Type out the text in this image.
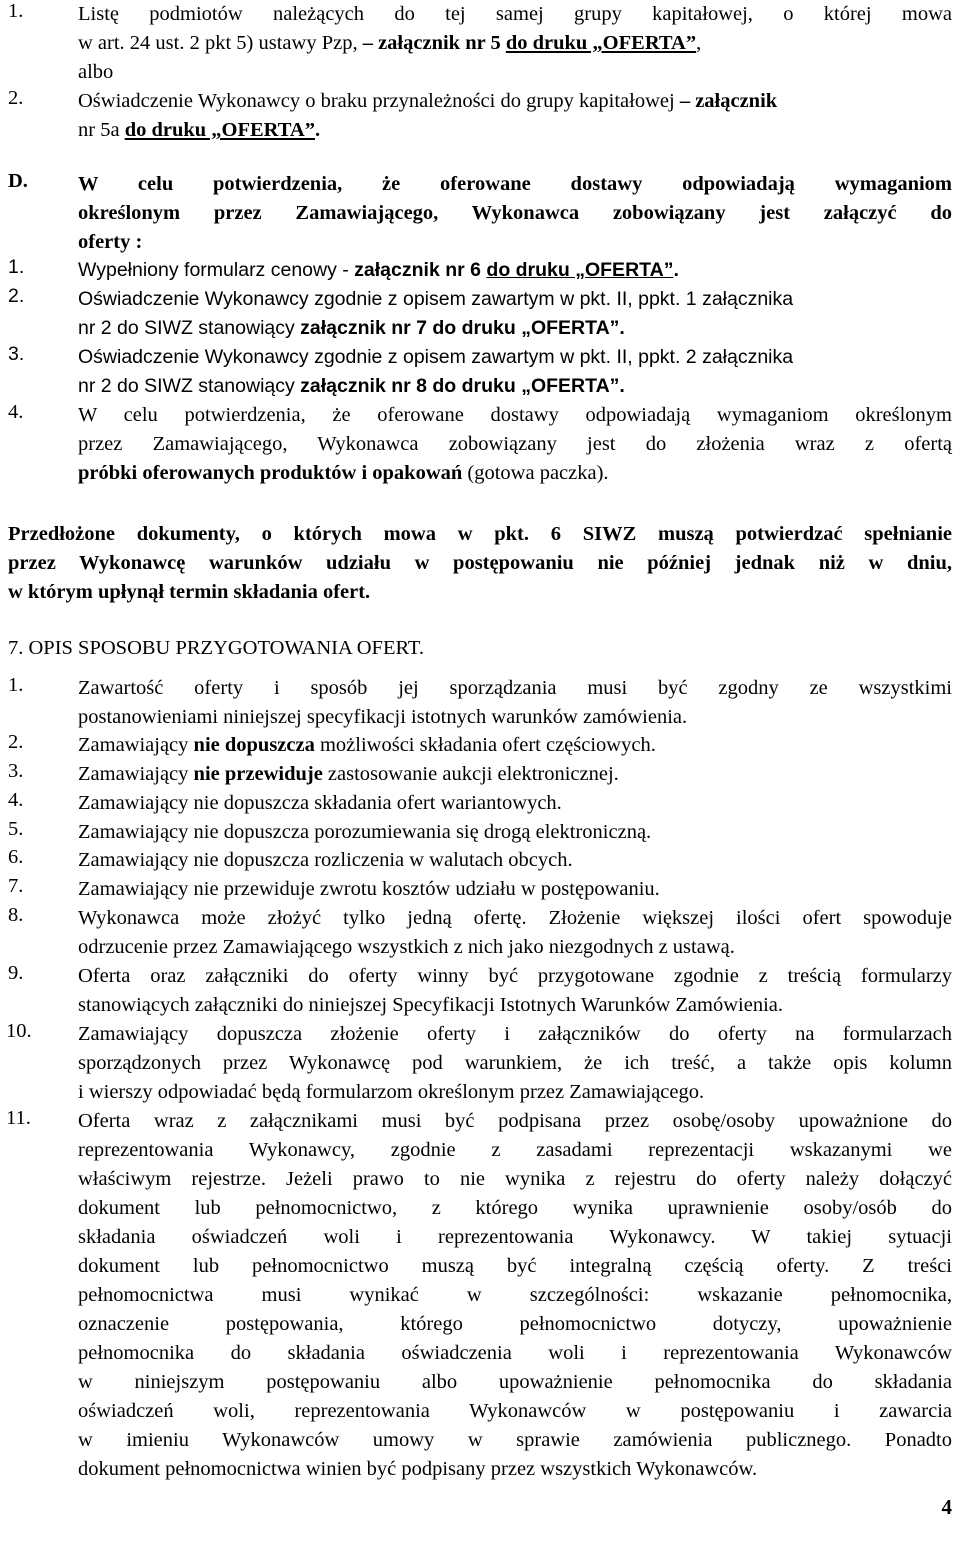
1.	Listę podmiotów należących do tej samej grupy kapitałowej, o której mowa
w art. 24 ust. 2 pkt 5) ustawy Pzp, – załącznik nr 5 do druku „OFERTA”,
albo
2.	Oświadczenie Wykonawcy o braku przynależności do grupy kapitałowej – załącznik
nr 5a do druku „OFERTA”.
D. W celu potwierdzenia, że oferowane dostawy odpowiadają wymaganiom
określonym przez Zamawiającego, Wykonawca zobowiązany jest załączyć do
oferty :
1.	Wypełniony formularz cenowy - załącznik nr 6 do druku „OFERTA”.
2.	Oświadczenie Wykonawcy zgodnie z opisem zawartym w pkt. II, ppkt. 1 załącznika
nr 2 do SIWZ stanowiący załącznik nr 7 do druku „OFERTA”.
3.	Oświadczenie Wykonawcy zgodnie z opisem zawartym w pkt. II, ppkt. 2 załącznika
nr 2 do SIWZ stanowiący załącznik nr 8 do druku „OFERTA”.
4.	W celu potwierdzenia, że oferowane dostawy odpowiadają wymaganiom określonym
przez Zamawiającego, Wykonawca zobowiązany jest do złożenia wraz z ofertą
próbki oferowanych produktów i opakowań (gotowa paczka).
Przedłożone dokumenty, o których mowa w pkt. 6 SIWZ muszą potwierdzać spełnianie
przez Wykonawcę warunków udziału w postępowaniu nie później jednak niż w dniu,
w którym upłynął termin składania ofert.
7. OPIS SPOSOBU PRZYGOTOWANIA OFERT.
1.	Zawartość oferty i sposób jej sporządzania musi być zgodny ze wszystkimi
postanowieniami niniejszej specyfikacji istotnych warunków zamówienia.
2.	Zamawiający nie dopuszcza możliwości składania ofert częściowych.
3.	Zamawiający nie przewiduje zastosowanie aukcji elektronicznej.
4.	Zamawiający nie dopuszcza składania ofert wariantowych.
5.	Zamawiający nie dopuszcza porozumiewania się drogą elektroniczną.
6.	Zamawiający nie dopuszcza rozliczenia w walutach obcych.
7.	Zamawiający nie przewiduje zwrotu kosztów udziału w postępowaniu.
8.	Wykonawca może złożyć tylko jedną ofertę. Złożenie większej ilości ofert spowoduje
odrzucenie przez Zamawiającego wszystkich z nich jako niezgodnych z ustawą.
9.	Oferta oraz załączniki do oferty winny być przygotowane zgodnie z treścią formularzy
stanowiących załączniki do niniejszej Specyfikacji Istotnych Warunków Zamówienia.
10. Zamawiający dopuszcza złożenie oferty i załączników do oferty na formularzach
sporządzonych przez Wykonawcę pod warunkiem, że ich treść, a także opis kolumn
i wierszy odpowiadać będą formularzom określonym przez Zamawiającego.
11. Oferta wraz z załącznikami musi być podpisana przez osobę/osoby upoważnione do
reprezentowania Wykonawcy, zgodnie z zasadami reprezentacji wskazanymi we
właściwym rejestrze. Jeżeli prawo to nie wynika z rejestru do oferty należy dołączyć
dokument lub pełnomocnictwo, z którego wynika uprawnienie osoby/osób do
składania oświadczeń woli i reprezentowania Wykonawcy. W takiej sytuacji
dokument lub pełnomocnictwo muszą być integralną częścią oferty. Z treści
pełnomocnictwa musi wynikać w szczególności: wskazanie pełnomocnika,
oznaczenie postępowania, którego pełnomocnictwo dotyczy, upoważnienie
pełnomocnika do składania oświadczenia woli i reprezentowania Wykonawców
w niniejszym postępowaniu albo upoważnienie pełnomocnika do składania
oświadczeń woli, reprezentowania Wykonawców w postępowaniu i zawarcia
w imieniu Wykonawców umowy w sprawie zamówienia publicznego. Ponadto
dokument pełnomocnictwa winien być podpisany przez wszystkich Wykonawców.
4
